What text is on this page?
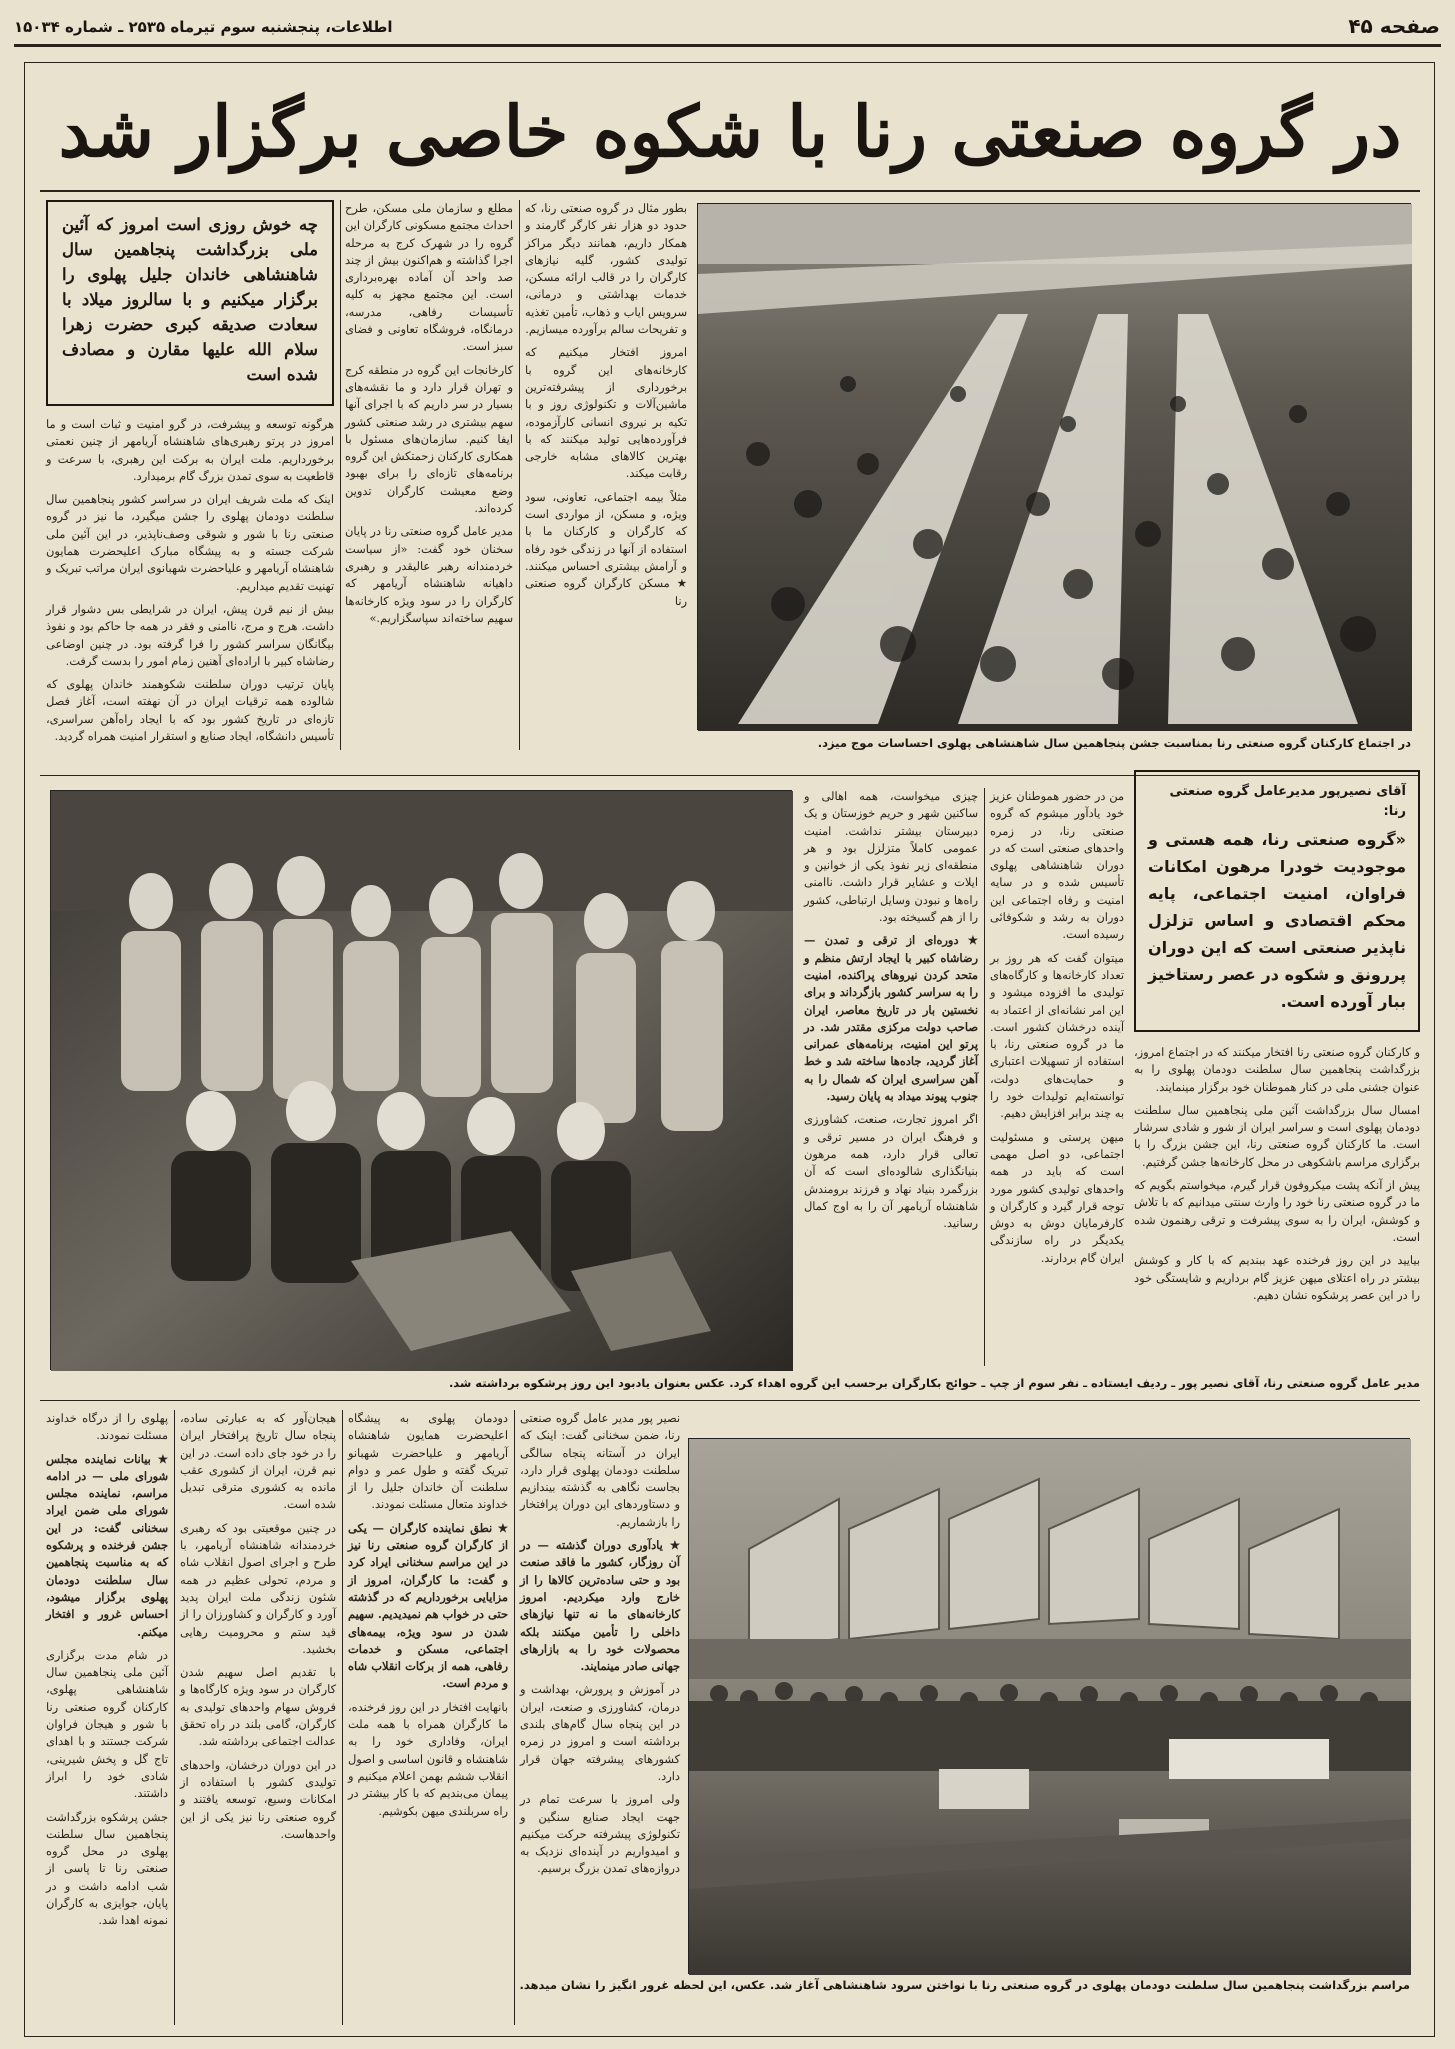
اطلاعات، پنجشنبه سوم تیرماه ۲۵۳۵ ـ شماره ۱۵۰۳۴	صفحه ۴۵
در گروه صنعتی رنا با شکوه خاصی برگزار شد
در اجتماع کارکنان گروه صنعتی رنا بمناسبت جشن پنجاهمین سال شاهنشاهی پهلوی احساسات موج میزد.
چه خوش روزی است امروز که آئین ملی بزرگداشت پنجاهمین سال شاهنشاهی خاندان جلیل پهلوی را برگزار میکنیم و با سالروز میلاد با سعادت صدیقه کبری حضرت زهرا سلام الله علیها مقارن و مصادف شده است

بطور مثال در گروه صنعتی رنا، که حدود دو هزار نفر کارگر گارمند و همکار داریم، همانند دیگر مراکز تولیدی کشور، گلیه نیازهای کارگران را در قالب ارائه مسکن، خدمات بهداشتی و درمانی، سرویس ایاب و ذهاب، تأمین تغذیه و تفریحات سالم برآورده میسازیم.

امروز افتخار میکنیم که کارخانه‌های این گروه با برخورداری از پیشرفته‌ترین ماشین‌آلات و تکنولوژی روز و با تکیه بر نیروی انسانی کارآزموده، فرآورده‌هایی تولید میکنند که با بهترین کالاهای مشابه خارجی رقابت میکند.

مثلاً بیمه اجتماعی، تعاونی، سود ویژه، و مسکن، از مواردی است که کارگران و کارکنان ما با استفاده از آنها در زندگی خود رفاه و آرامش بیشتری احساس میکنند. ★ مسکن کارگران گروه صنعتی رنا

مطلع و سازمان ملی مسکن، طرح احداث مجتمع مسکونی کارگران این گروه را در شهرک کرج به مرحله اجرا گذاشته و هم‌اکنون بیش از چند صد واحد آن آماده بهره‌برداری است. این مجتمع مجهز به کلیه تأسیسات رفاهی، مدرسه، درمانگاه، فروشگاه تعاونی و فضای سبز است.

کارخانجات این گروه در منطقه کرج و تهران قرار دارد و ما نقشه‌های بسیار در سر داریم که با اجرای آنها سهم بیشتری در رشد صنعتی کشور ایفا کنیم. سازمان‌های مسئول با همکاری کارکنان زحمتکش این گروه برنامه‌های تازه‌ای را برای بهبود وضع معیشت کارگران تدوین کرده‌اند.

مدیر عامل گروه صنعتی رنا در پایان سخنان خود گفت: «از سیاست خردمندانه رهبر عالیقدر و رهبری داهیانه شاهنشاه آریامهر که کارگران را در سود ویژه کارخانه‌ها سهیم ساخته‌اند سپاسگزاریم.»

هرگونه توسعه و پیشرفت، در گرو امنیت و ثبات است و ما امروز در پرتو رهبری‌های شاهنشاه آریامهر از چنین نعمتی برخورداریم. ملت ایران به برکت این رهبری، با سرعت و قاطعیت به سوی تمدن بزرگ گام برمیدارد.

اینک که ملت شریف ایران در سراسر کشور پنجاهمین سال سلطنت دودمان پهلوی را جشن میگیرد، ما نیز در گروه صنعتی رنا با شور و شوقی وصف‌ناپذیر، در این آئین ملی شرکت جسته و به پیشگاه مبارک اعلیحضرت همایون شاهنشاه آریامهر و علیاحضرت شهبانوی ایران مراتب تبریک و تهنیت تقدیم میداریم.

بیش از نیم قرن پیش، ایران در شرایطی بس دشوار قرار داشت. هرج و مرج، ناامنی و فقر در همه جا حاکم بود و نفوذ بیگانگان سراسر کشور را فرا گرفته بود. در چنین اوضاعی رضاشاه کبیر با اراده‌ای آهنین زمام امور را بدست گرفت.

پایان ترتیب دوران سلطنت شکوهمند خاندان پهلوی که شالوده همه ترقیات ایران در آن نهفته است، آغاز فصل تازه‌ای در تاریخ کشور بود که با ایجاد راه‌آهن سراسری، تأسیس دانشگاه، ایجاد صنایع و استقرار امنیت همراه گردید.

مدیر عامل گروه صنعتی رنا، آقای نصیر پور ـ ردیف ایستاده ـ نفر سوم از چپ ـ حوائج بکارگران برحسب این گروه اهداء کرد. عکس بعنوان یادبود این روز پرشکوه برداشته شد.
آقای نصیرپور مدیرعامل گروه صنعتی رنا:
«گروه صنعتی رنا، همه هستی و موجودیت خودرا مرهون امکانات فراوان، امنیت اجتماعی، پایه محکم اقتصادی و اساس تزلزل ناپذیر صنعتی است که این دوران پررونق و شکوه در عصر رستاخیز ببار آورده است.

چیزی میخواست، همه اهالی و ساکنین شهر و حریم خوزستان و یک دبیرستان بیشتر نداشت. امنیت عمومی کاملاً متزلزل بود و هر منطقه‌ای زیر نفوذ یکی از خوانین و ایلات و عشایر قرار داشت. ناامنی راه‌ها و نبودن وسایل ارتباطی، کشور را از هم گسیخته بود.

★ دوره‌ای از ترقی و تمدن — رضاشاه کبیر با ایجاد ارتش منظم و متحد کردن نیروهای پراکنده، امنیت را به سراسر کشور بازگرداند و برای نخستین بار در تاریخ معاصر، ایران صاحب دولت مرکزی مقتدر شد. در پرتو این امنیت، برنامه‌های عمرانی آغاز گردید، جاده‌ها ساخته شد و خط آهن سراسری ایران که شمال را به جنوب پیوند میداد به پایان رسید.

اگر امروز تجارت، صنعت، کشاورزی و فرهنگ ایران در مسیر ترقی و تعالی قرار دارد، همه مرهون بنیانگذاری شالوده‌ای است که آن بزرگمرد بنیاد نهاد و فرزند برومندش شاهنشاه آریامهر آن را به اوج کمال رسانید.

من در حضور هموطنان عزیز خود یادآور میشوم که گروه صنعتی رنا، در زمره واحدهای صنعتی است که در دوران شاهنشاهی پهلوی تأسیس شده و در سایه امنیت و رفاه اجتماعی این دوران به رشد و شکوفائی رسیده است.

میتوان گفت که هر روز بر تعداد کارخانه‌ها و کارگاه‌های تولیدی ما افزوده میشود و این امر نشانه‌ای از اعتماد به آینده درخشان کشور است. ما در گروه صنعتی رنا، با استفاده از تسهیلات اعتباری و حمایت‌های دولت، توانسته‌ایم تولیدات خود را به چند برابر افزایش دهیم.

میهن پرستی و مسئولیت اجتماعی، دو اصل مهمی است که باید در همه واحدهای تولیدی کشور مورد توجه قرار گیرد و کارگران و کارفرمایان دوش به دوش یکدیگر در راه سازندگی ایران گام بردارند.

و کارکنان گروه صنعتی رنا افتخار میکنند که در اجتماع امروز، بزرگداشت پنجاهمین سال سلطنت دودمان پهلوی را به عنوان جشنی ملی در کنار هموطنان خود برگزار مینمایند.

امسال سال بزرگداشت آئین ملی پنجاهمین سال سلطنت دودمان پهلوی است و سراسر ایران از شور و شادی سرشار است. ما کارکنان گروه صنعتی رنا، این جشن بزرگ را با برگزاری مراسم باشکوهی در محل کارخانه‌ها جشن گرفتیم.

پیش از آنکه پشت میکروفون قرار گیرم، میخواستم بگویم که ما در گروه صنعتی رنا خود را وارث سنتی میدانیم که با تلاش و کوشش، ایران را به سوی پیشرفت و ترقی رهنمون شده است.

بیایید در این روز فرخنده عهد ببندیم که با کار و کوشش بیشتر در راه اعتلای میهن عزیز گام برداریم و شایستگی خود را در این عصر پرشکوه نشان دهیم.

مراسم بزرگداشت پنجاهمین سال سلطنت دودمان پهلوی در گروه صنعتی رنا با نواختن سرود شاهنشاهی آغاز شد. عکس، این لحظه غرور انگیز را نشان میدهد.

نصیر پور مدیر عامل گروه صنعتی رنا، ضمن سخنانی گفت: اینک که ایران در آستانه پنجاه سالگی سلطنت دودمان پهلوی قرار دارد، بجاست نگاهی به گذشته بیندازیم و دستاوردهای این دوران پرافتخار را بازشماریم.

★ یادآوری دوران گذشته — در آن روزگار، کشور ما فاقد صنعت بود و حتی ساده‌ترین کالاها را از خارج وارد میکردیم. امروز کارخانه‌های ما نه تنها نیازهای داخلی را تأمین میکنند بلکه محصولات خود را به بازارهای جهانی صادر مینمایند.

در آموزش و پرورش، بهداشت و درمان، کشاورزی و صنعت، ایران در این پنجاه سال گام‌های بلندی برداشته است و امروز در زمره کشورهای پیشرفته جهان قرار دارد.

ولی امروز با سرعت تمام در جهت ایجاد صنایع سنگین و تکنولوژی پیشرفته حرکت میکنیم و امیدواریم در آینده‌ای نزدیک به دروازه‌های تمدن بزرگ برسیم.

دودمان پهلوی به پیشگاه اعلیحضرت همایون شاهنشاه آریامهر و علیاحضرت شهبانو تبریک گفته و طول عمر و دوام سلطنت آن خاندان جلیل را از خداوند متعال مسئلت نمودند.

★ نطق نماینده کارگران — یکی از کارگران گروه صنعتی رنا نیز در این مراسم سخنانی ایراد کرد و گفت: ما کارگران، امروز از مزایایی برخورداریم که در گذشته حتی در خواب هم نمیدیدیم. سهیم شدن در سود ویژه، بیمه‌های اجتماعی، مسکن و خدمات رفاهی، همه از برکات انقلاب شاه و مردم است.

بانهایت افتخار در این روز فرخنده، ما کارگران همراه با همه ملت ایران، وفاداری خود را به شاهنشاه و قانون اساسی و اصول انقلاب ششم بهمن اعلام میکنیم و پیمان می‌بندیم که با کار بیشتر در راه سربلندی میهن بکوشیم.

هیجان‌آور که به عبارتی ساده، پنجاه سال تاریخ پرافتخار ایران را در خود جای داده است. در این نیم قرن، ایران از کشوری عقب مانده به کشوری مترقی تبدیل شده است.

در چنین موقعیتی بود که رهبری خردمندانه شاهنشاه آریامهر، با طرح و اجرای اصول انقلاب شاه و مردم، تحولی عظیم در همه شئون زندگی ملت ایران پدید آورد و کارگران و کشاورزان را از قید ستم و محرومیت رهایی بخشید.

با تقدیم اصل سهیم شدن کارگران در سود ویژه کارگاه‌ها و فروش سهام واحدهای تولیدی به کارگران، گامی بلند در راه تحقق عدالت اجتماعی برداشته شد.

در این دوران درخشان، واحدهای تولیدی کشور با استفاده از امکانات وسیع، توسعه یافتند و گروه صنعتی رنا نیز یکی از این واحدهاست.

پهلوی را از درگاه خداوند مسئلت نمودند.

★ بیانات نماینده مجلس شورای ملی — در ادامه مراسم، نماینده مجلس شورای ملی ضمن ایراد سخنانی گفت: در این جشن فرخنده و پرشکوه که به مناسبت پنجاهمین سال سلطنت دودمان پهلوی برگزار میشود، احساس غرور و افتخار میکنم.

در شام مدت برگزاری آئین ملی پنجاهمین سال شاهنشاهی پهلوی، کارکنان گروه صنعتی رنا با شور و هیجان فراوان شرکت جستند و با اهدای تاج گل و پخش شیرینی، شادی خود را ابراز داشتند.

جشن پرشکوه بزرگداشت پنجاهمین سال سلطنت پهلوی در محل گروه صنعتی رنا تا پاسی از شب ادامه داشت و در پایان، جوایزی به کارگران نمونه اهدا شد.
